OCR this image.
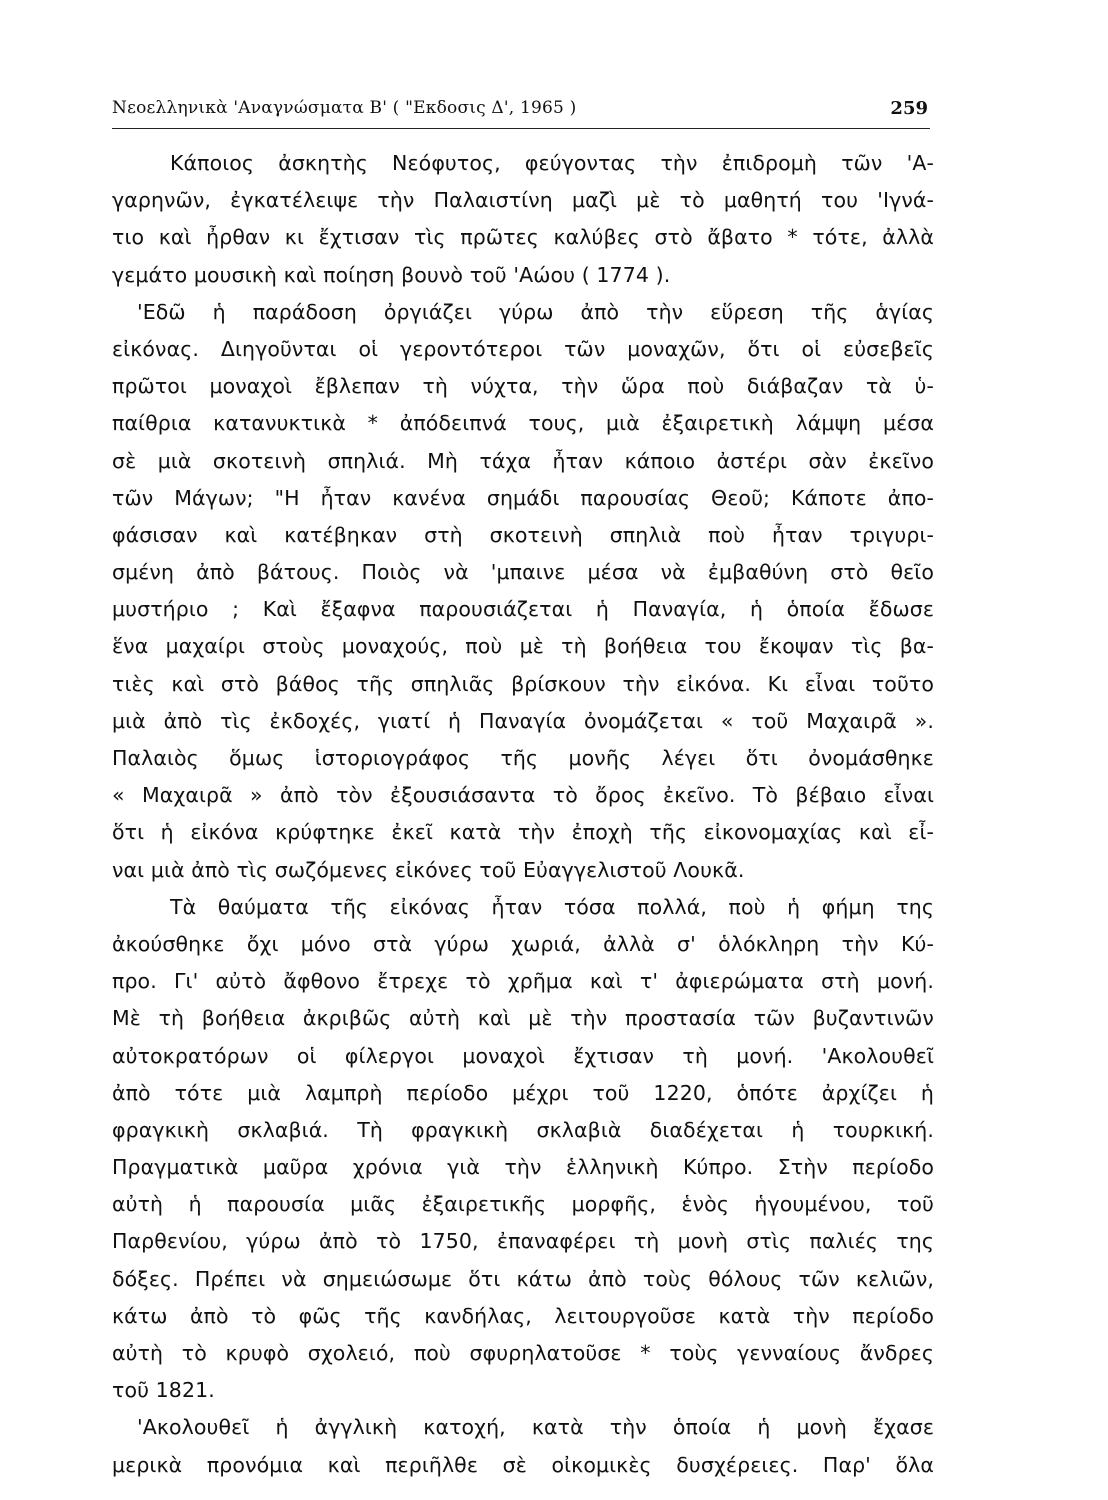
Νεοελληνικὰ 'Αναγνώσματα Β' ( "Εκδοσις Δ', 1965 )	259
Κάποιος ἀσκητὴς Νεόφυτος, φεύγοντας τὴν ἐπιδρομὴ τῶν 'Α-
γαρηνῶν, ἐγκατέλειψε τὴν Παλαιστίνη μαζὶ μὲ τὸ μαθητή του 'Ιγνά-
τιο καὶ ἦρθαν κι ἔχτισαν τὶς πρῶτες καλύβες στὸ ἄβατο * τότε, ἀλλὰ
γεμάτο μουσικὴ καὶ ποίηση βουνὸ τοῦ 'Αώου ( 1774 ).
'Εδῶ ἡ παράδοση ὀργιάζει γύρω ἀπὸ τὴν εὕρεση τῆς ἁγίας
εἰκόνας. Διηγοῦνται οἱ γεροντότεροι τῶν μοναχῶν, ὅτι οἱ εὐσεβεῖς
πρῶτοι μοναχοὶ ἔβλεπαν τὴ νύχτα, τὴν ὥρα ποὺ διάβαζαν τὰ ὑ-
παίθρια κατανυκτικὰ * ἀπόδειπνά τους, μιὰ ἐξαιρετικὴ λάμψη μέσα
σὲ μιὰ σκοτεινὴ σπηλιά. Μὴ τάχα ἦταν κάποιο ἀστέρι σὰν ἐκεῖνο
τῶν Μάγων; "Η ἦταν κανένα σημάδι παρουσίας Θεοῦ; Κάποτε ἀπο-
φάσισαν καὶ κατέβηκαν στὴ σκοτεινὴ σπηλιὰ ποὺ ἦταν τριγυρι-
σμένη ἀπὸ βάτους. Ποιὸς νὰ 'μπαινε μέσα νὰ ἐμβαθύνη στὸ θεῖο
μυστήριο ; Καὶ ἔξαφνα παρουσιάζεται ἡ Παναγία, ἡ ὁποία ἔδωσε
ἕνα μαχαίρι στοὺς μοναχούς, ποὺ μὲ τὴ βοήθεια του ἔκοψαν τὶς βα-
τιὲς καὶ στὸ βάθος τῆς σπηλιᾶς βρίσκουν τὴν εἰκόνα. Κι εἶναι τοῦτο
μιὰ ἀπὸ τὶς ἐκδοχές, γιατί ἡ Παναγία ὀνομάζεται « τοῦ Μαχαιρᾶ ».
Παλαιὸς ὅμως ἱστοριογράφος τῆς μονῆς λέγει ὅτι ὀνομάσθηκε
« Μαχαιρᾶ » ἀπὸ τὸν ἐξουσιάσαντα τὸ ὄρος ἐκεῖνο. Τὸ βέβαιο εἶναι
ὅτι ἡ εἰκόνα κρύφτηκε ἐκεῖ κατὰ τὴν ἐποχὴ τῆς εἰκονομαχίας καὶ εἶ-
ναι μιὰ ἀπὸ τὶς σωζόμενες εἰκόνες τοῦ Εὐαγγελιστοῦ Λουκᾶ.
Τὰ θαύματα τῆς εἰκόνας ἦταν τόσα πολλά, ποὺ ἡ φήμη της
ἀκούσθηκε ὄχι μόνο στὰ γύρω χωριά, ἀλλὰ σ' ὁλόκληρη τὴν Κύ-
προ. Γι' αὐτὸ ἄφθονο ἔτρεχε τὸ χρῆμα καὶ τ' ἀφιερώματα στὴ μονή.
Μὲ τὴ βοήθεια ἀκριβῶς αὐτὴ καὶ μὲ τὴν προστασία τῶν βυζαντινῶν
αὐτοκρατόρων οἱ φίλεργοι μοναχοὶ ἔχτισαν τὴ μονή. 'Ακολουθεῖ
ἀπὸ τότε μιὰ λαμπρὴ περίοδο μέχρι τοῦ 1220, ὁπότε ἀρχίζει ἡ
φραγκικὴ σκλαβιά. Τὴ φραγκικὴ σκλαβιὰ διαδέχεται ἡ τουρκική.
Πραγματικὰ μαῦρα χρόνια γιὰ τὴν ἑλληνικὴ Κύπρο. Στὴν περίοδο
αὐτὴ ἡ παρουσία μιᾶς ἐξαιρετικῆς μορφῆς, ἑνὸς ἡγουμένου, τοῦ
Παρθενίου, γύρω ἀπὸ τὸ 1750, ἐπαναφέρει τὴ μονὴ στὶς παλιές της
δόξες. Πρέπει νὰ σημειώσωμε ὅτι κάτω ἀπὸ τοὺς θόλους τῶν κελιῶν,
κάτω ἀπὸ τὸ φῶς τῆς κανδήλας, λειτουργοῦσε κατὰ τὴν περίοδο
αὐτὴ τὸ κρυφὸ σχολειό, ποὺ σφυρηλατοῦσε * τοὺς γενναίους ἄνδρες
τοῦ 1821.
'Ακολουθεῖ ἡ ἀγγλικὴ κατοχή, κατὰ τὴν ὁποία ἡ μονὴ ἔχασε
μερικὰ προνόμια καὶ περιῆλθε σὲ οἰκομικὲς δυσχέρειες. Παρ' ὅλα
